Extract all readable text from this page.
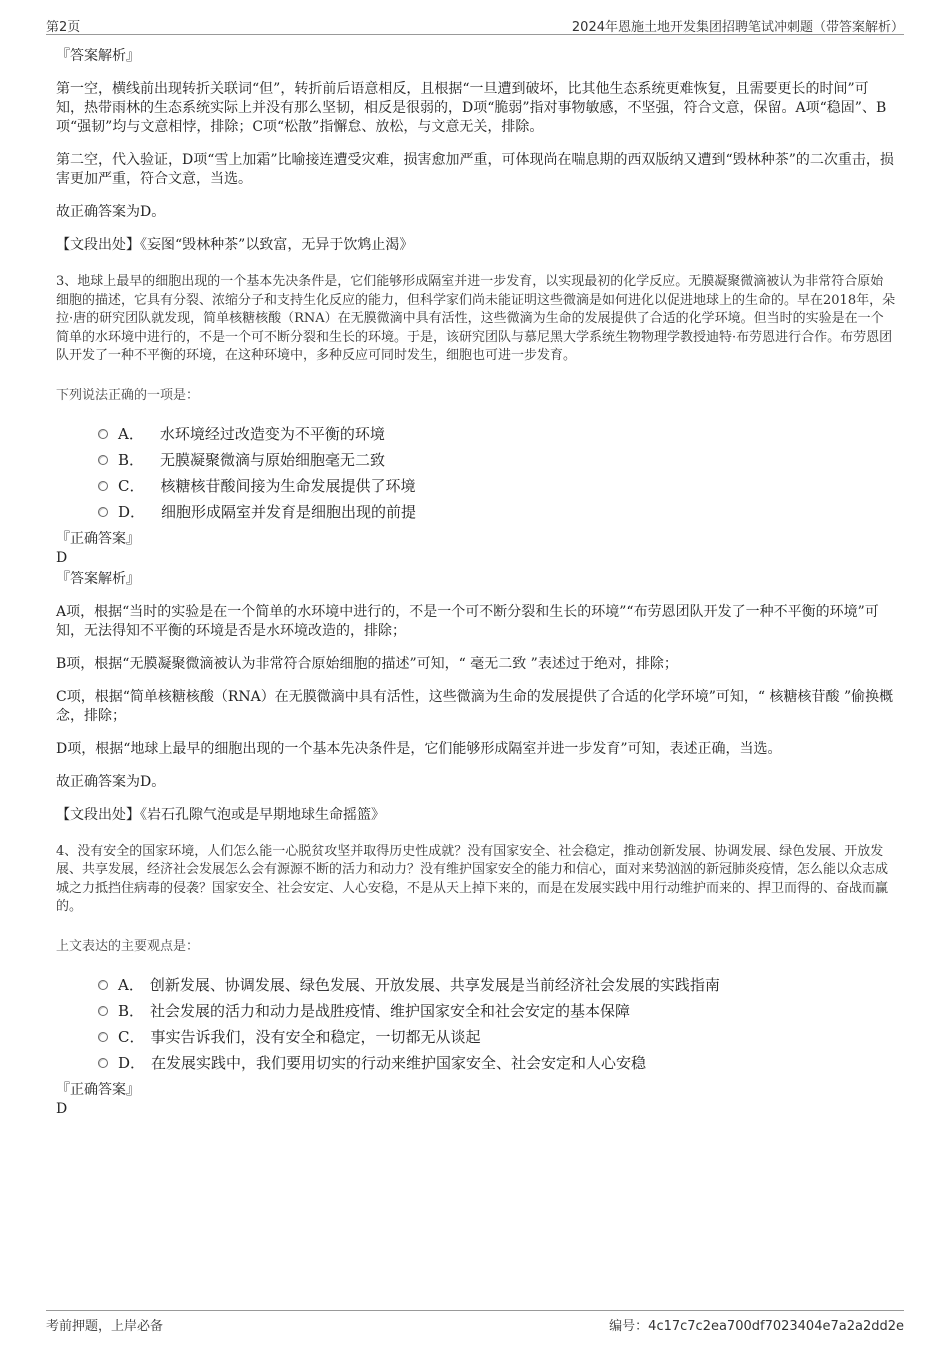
第2页	2024年恩施土地开发集团招聘笔试冲刺题（带答案解析）
『答案解析』

第一空，横线前出现转折关联词“但”，转折前后语意相反，且根据“一旦遭到破坏，比其他生态系统更难恢复，且需要更长的时间”可知，热带雨林的生态系统实际上并没有那么坚韧，相反是很弱的，D项“脆弱”指对事物敏感，不坚强，符合文意，保留。A项“稳固”、B项“强韧”均与文意相悖，排除；C项“松散”指懈怠、放松，与文意无关，排除。

第二空，代入验证，D项“雪上加霜”比喻接连遭受灾难，损害愈加严重，可体现尚在喘息期的西双版纳又遭到“毁林种茶”的二次重击，损害更加严重，符合文意，当选。

故正确答案为D。

【文段出处】《妄图“毁林种茶”以致富，无异于饮鸩止渴》

3、地球上最早的细胞出现的一个基本先决条件是，它们能够形成隔室并进一步发育，以实现最初的化学反应。无膜凝聚微滴被认为非常符合原始细胞的描述，它具有分裂、浓缩分子和支持生化反应的能力，但科学家们尚未能证明这些微滴是如何进化以促进地球上的生命的。早在2018年，朵拉·唐的研究团队就发现，简单核糖核酸（RNA）在无膜微滴中具有活性，这些微滴为生命的发展提供了合适的化学环境。但当时的实验是在一个简单的水环境中进行的，不是一个可不断分裂和生长的环境。于是，该研究团队与慕尼黑大学系统生物物理学教授迪特·布劳恩进行合作。布劳恩团队开发了一种不平衡的环境，在这种环境中，多种反应可同时发生，细胞也可进一步发育。

下列说法正确的一项是：

A． 水环境经过改造变为不平衡的环境
B． 无膜凝聚微滴与原始细胞毫无二致
C． 核糖核苷酸间接为生命发展提供了环境
D． 细胞形成隔室并发育是细胞出现的前提
『正确答案』
D
『答案解析』

A项，根据“当时的实验是在一个简单的水环境中进行的，不是一个可不断分裂和生长的环境”“布劳恩团队开发了一种不平衡的环境”可知，无法得知不平衡的环境是否是水环境改造的，排除；

B项，根据“无膜凝聚微滴被认为非常符合原始细胞的描述”可知，“ 毫无二致 ”表述过于绝对，排除；

C项，根据“简单核糖核酸（RNA）在无膜微滴中具有活性，这些微滴为生命的发展提供了合适的化学环境”可知，“ 核糖核苷酸 ”偷换概念，排除；

D项，根据“地球上最早的细胞出现的一个基本先决条件是，它们能够形成隔室并进一步发育”可知，表述正确，当选。

故正确答案为D。

【文段出处】《岩石孔隙气泡或是早期地球生命摇篮》

4、没有安全的国家环境，人们怎么能一心脱贫攻坚并取得历史性成就？没有国家安全、社会稳定，推动创新发展、协调发展、绿色发展、开放发展、共享发展，经济社会发展怎么会有源源不断的活力和动力？没有维护国家安全的能力和信心，面对来势汹汹的新冠肺炎疫情，怎么能以众志成城之力抵挡住病毒的侵袭？国家安全、社会安定、人心安稳，不是从天上掉下来的，而是在发展实践中用行动维护而来的、捍卫而得的、奋战而赢的。

上文表达的主要观点是：

A． 创新发展、协调发展、绿色发展、开放发展、共享发展是当前经济社会发展的实践指南
B． 社会发展的活力和动力是战胜疫情、维护国家安全和社会安定的基本保障
C． 事实告诉我们，没有安全和稳定，一切都无从谈起
D． 在发展实践中，我们要用切实的行动来维护国家安全、社会安定和人心安稳
『正确答案』
D
考前押题，上岸必备	编号：4c17c7c2ea700df7023404e7a2a2dd2e
